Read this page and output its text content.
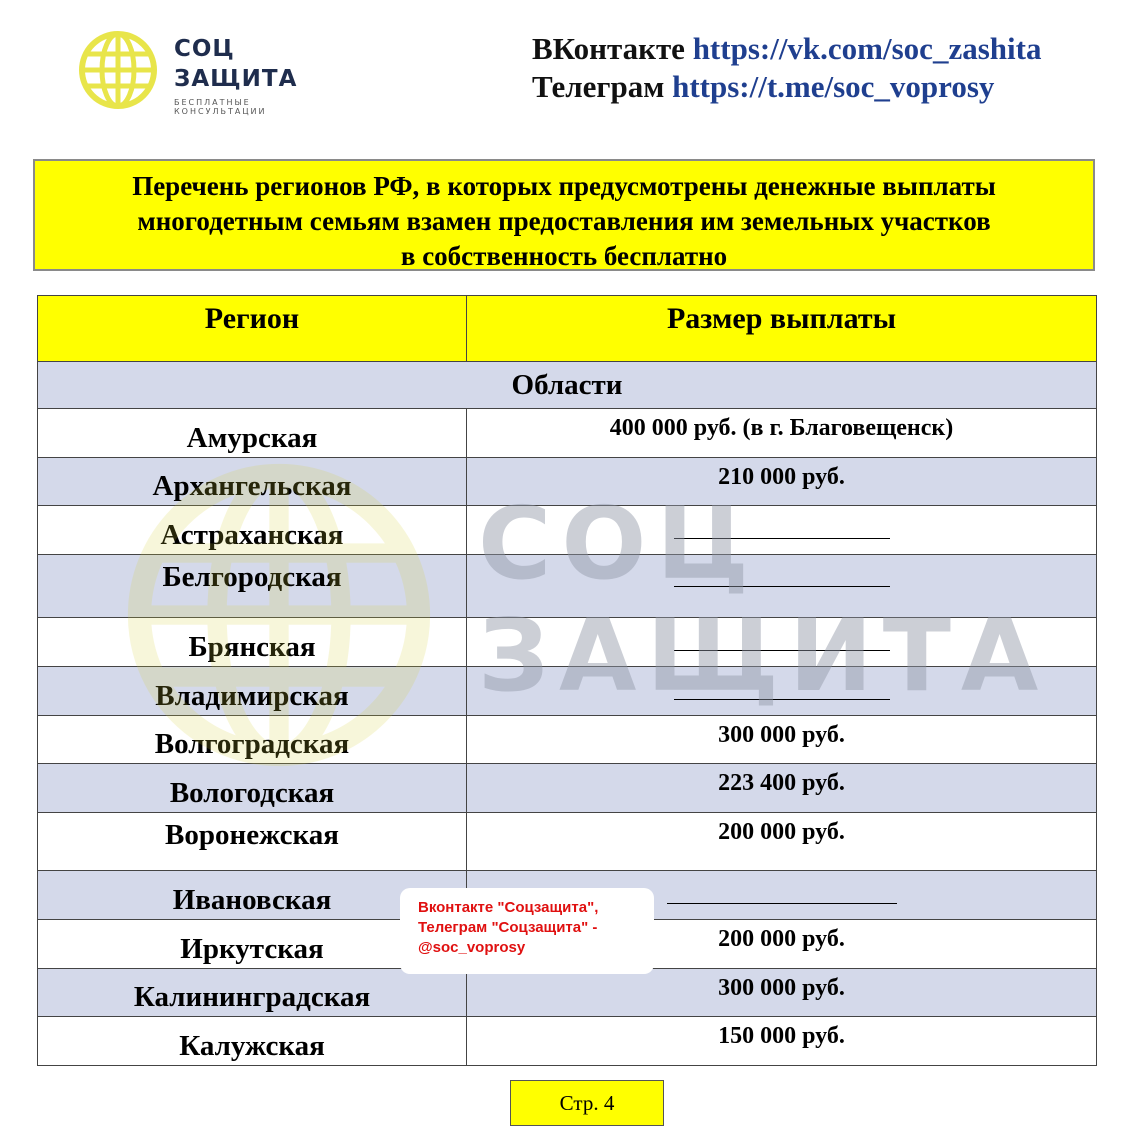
СОЦ
ЗАЩИТА
БЕСПЛАТНЫЕ
КОНСУЛЬТАЦИИ
ВКонтакте https://vk.com/soc_zashita
Телеграм https://t.me/soc_voprosy
Перечень регионов РФ, в которых предусмотрены денежные выплаты
многодетным семьям взамен предоставления им земельных участков
в собственность бесплатно
Регион	Размер выплаты
Области	
Амурская	400 000 руб. (в г. Благовещенск)
Архангельская	210 000 руб.
Астраханская	

Белгородская	

Брянская	

Владимирская	

Волгоградская	300 000 руб.
Вологодская	223 400 руб.
Воронежская	200 000 руб.
Ивановская	

Иркутская	200 000 руб.
Калининградская	300 000 руб.
Калужская	150 000 руб.
СОЦ
ЗАЩИТА
Вконтакте "Соцзащита",
Телеграм "Соцзащита" -
@soc_voprosy
Стр. 4
